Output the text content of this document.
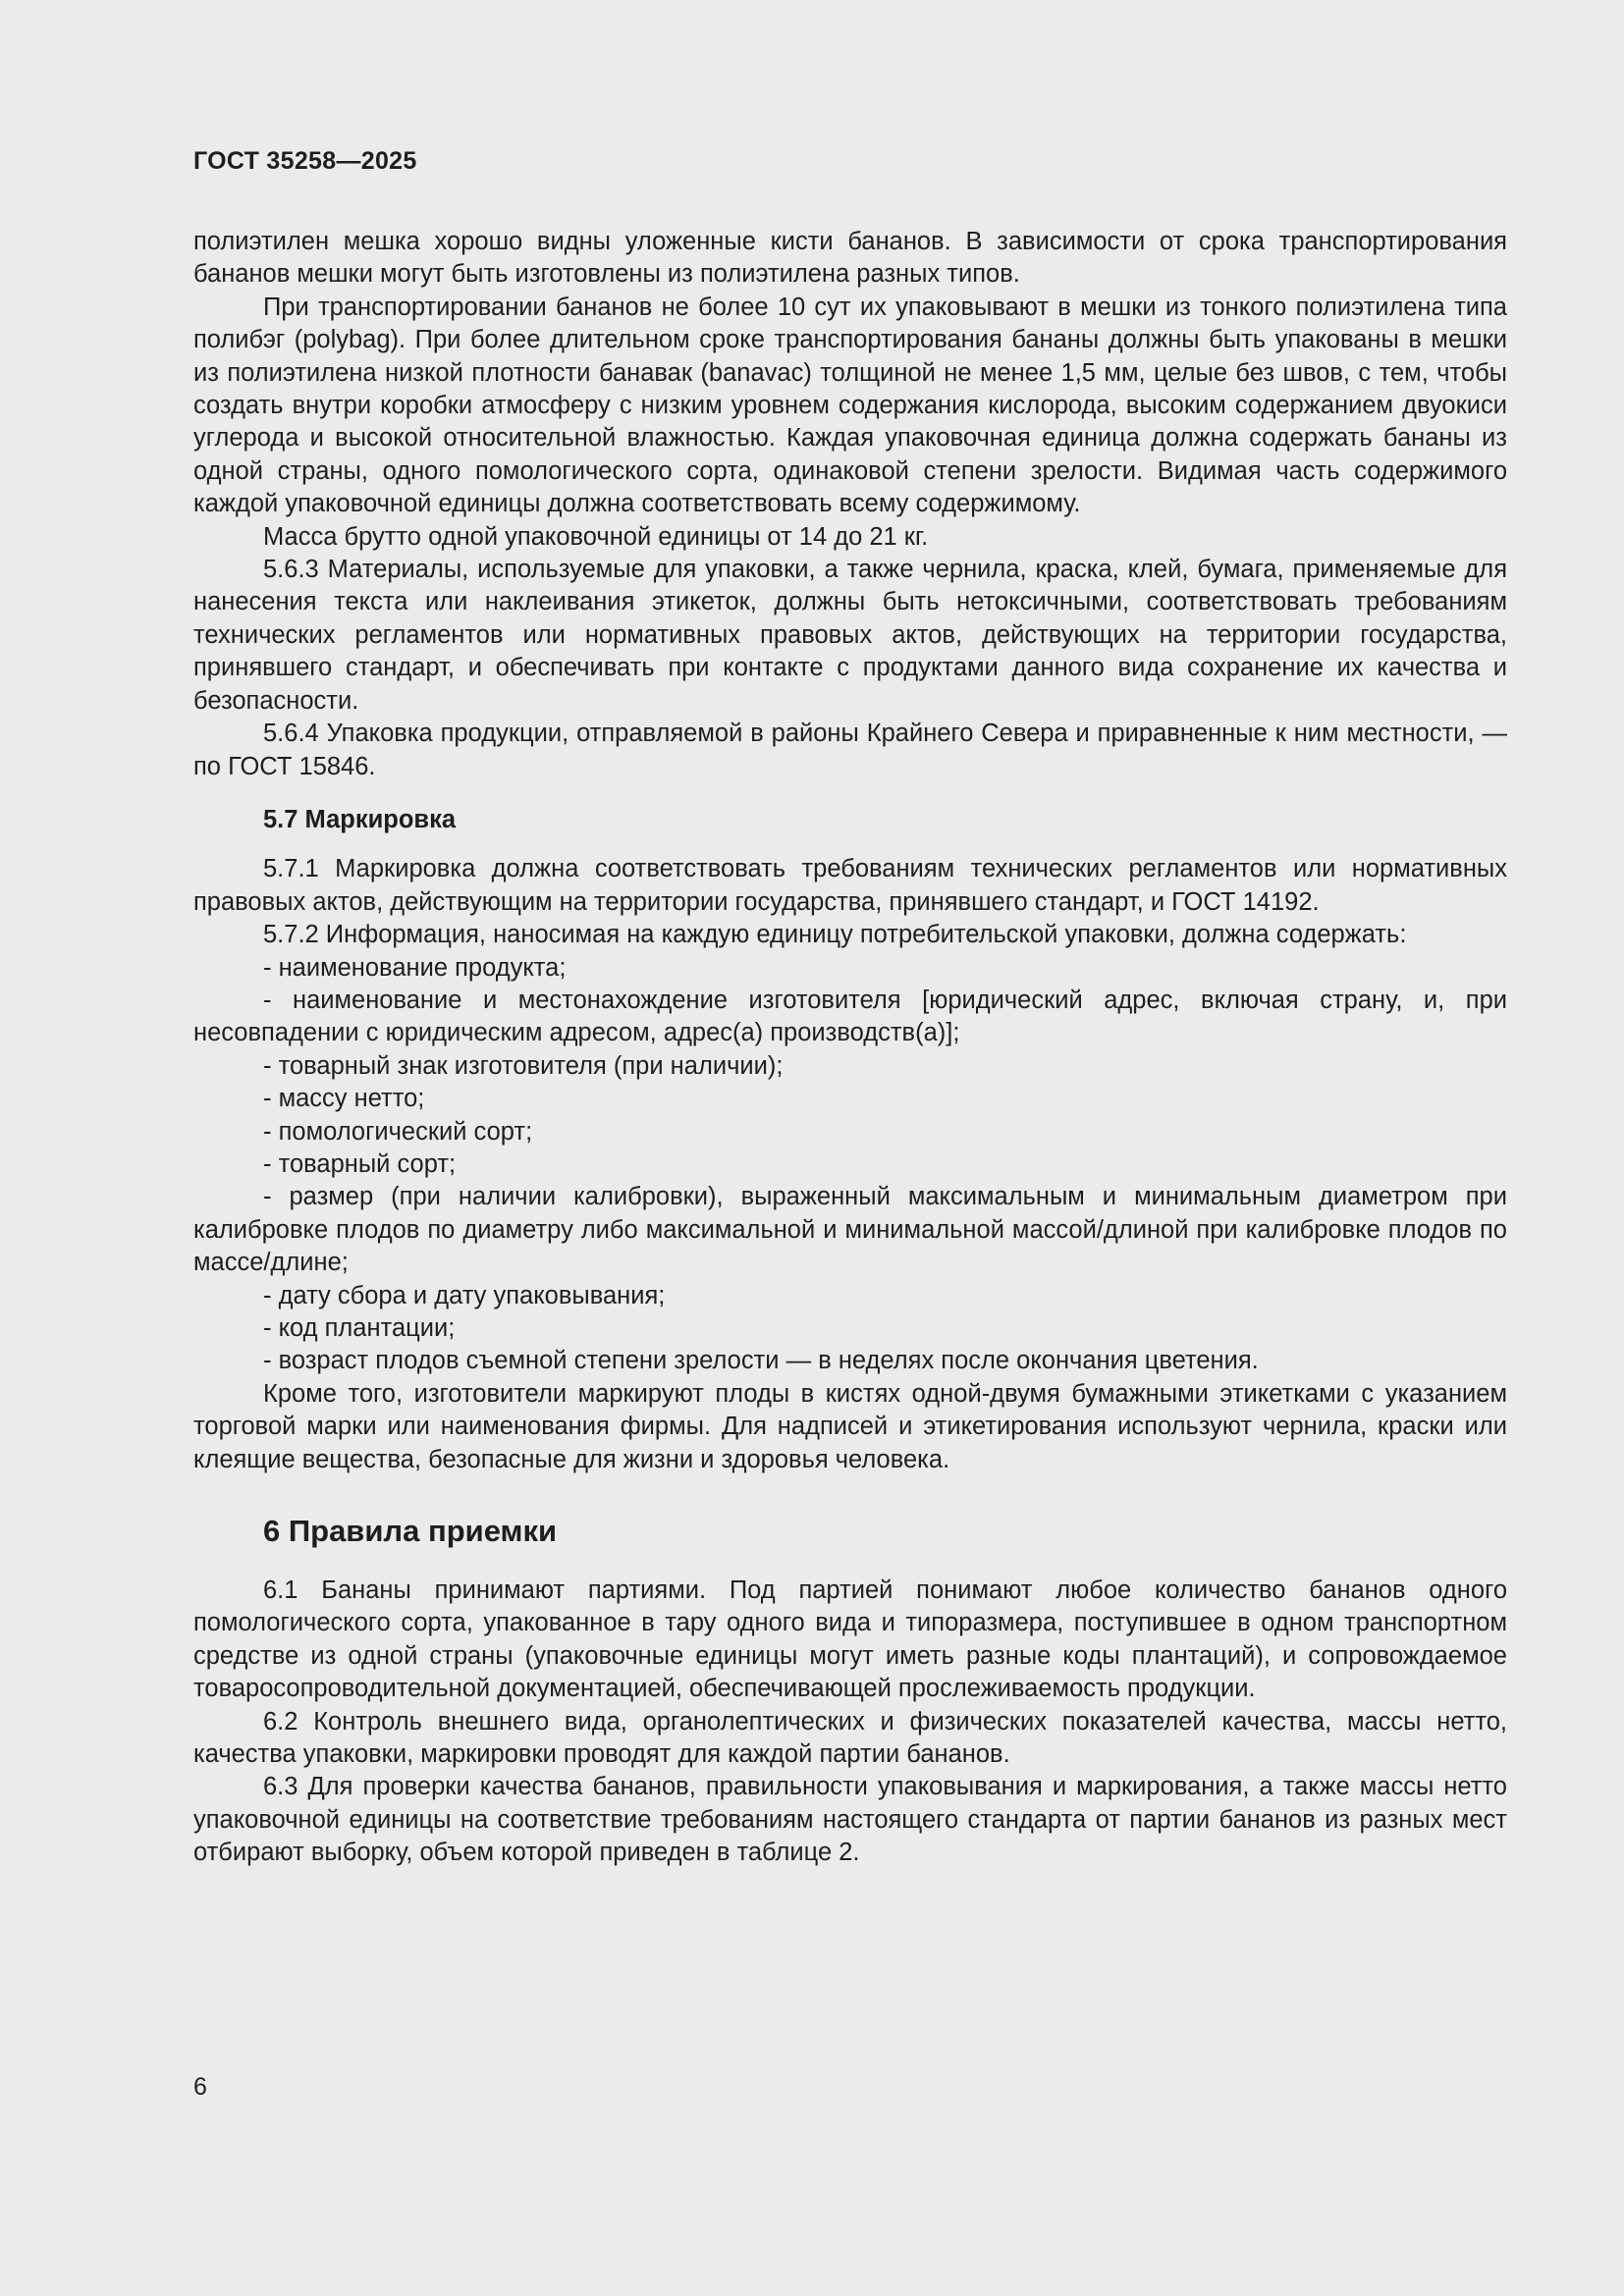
ГОСТ 35258—2025

полиэтилен мешка хорошо видны уложенные кисти бананов. В зависимости от срока транспортирования бананов мешки могут быть изготовлены из полиэтилена разных типов.

При транспортировании бананов не более 10 сут их упаковывают в мешки из тонкого полиэтилена типа полибэг (polybag). При более длительном сроке транспортирования бананы должны быть упакованы в мешки из полиэтилена низкой плотности банавак (banavac) толщиной не менее 1,5 мм, целые без швов, с тем, чтобы создать внутри коробки атмосферу с низким уровнем содержания кислорода, высоким содержанием двуокиси углерода и высокой относительной влажностью. Каждая упаковочная единица должна содержать бананы из одной страны, одного помологического сорта, одинаковой степени зрелости. Видимая часть содержимого каждой упаковочной единицы должна соответствовать всему содержимому.

Масса брутто одной упаковочной единицы от 14 до 21 кг.

5.6.3 Материалы, используемые для упаковки, а также чернила, краска, клей, бумага, применяемые для нанесения текста или наклеивания этикеток, должны быть нетоксичными, соответствовать требованиям технических регламентов или нормативных правовых актов, действующих на территории государства, принявшего стандарт, и обеспечивать при контакте с продуктами данного вида сохранение их качества и безопасности.

5.6.4 Упаковка продукции, отправляемой в районы Крайнего Севера и приравненные к ним местности, — по ГОСТ 15846.

5.7 Маркировка

5.7.1 Маркировка должна соответствовать требованиям технических регламентов или нормативных правовых актов, действующим на территории государства, принявшего стандарт, и ГОСТ 14192.

5.7.2 Информация, наносимая на каждую единицу потребительской упаковки, должна содержать:

- наименование продукта;

- наименование и местонахождение изготовителя [юридический адрес, включая страну, и, при несовпадении с юридическим адресом, адрес(а) производств(а)];

- товарный знак изготовителя (при наличии);

- массу нетто;

- помологический сорт;

- товарный сорт;

- размер (при наличии калибровки), выраженный максимальным и минимальным диаметром при калибровке плодов по диаметру либо максимальной и минимальной массой/длиной при калибровке плодов по массе/длине;

- дату сбора и дату упаковывания;

- код плантации;

- возраст плодов съемной степени зрелости — в неделях после окончания цветения.

Кроме того, изготовители маркируют плоды в кистях одной-двумя бумажными этикетками с указанием торговой марки или наименования фирмы. Для надписей и этикетирования используют чернила, краски или клеящие вещества, безопасные для жизни и здоровья человека.

6 Правила приемки

6.1 Бананы принимают партиями. Под партией понимают любое количество бананов одного помологического сорта, упакованное в тару одного вида и типоразмера, поступившее в одном транспортном средстве из одной страны (упаковочные единицы могут иметь разные коды плантаций), и сопровождаемое товаросопроводительной документацией, обеспечивающей прослеживаемость продукции.

6.2 Контроль внешнего вида, органолептических и физических показателей качества, массы нетто, качества упаковки, маркировки проводят для каждой партии бананов.

6.3 Для проверки качества бананов, правильности упаковывания и маркирования, а также массы нетто упаковочной единицы на соответствие требованиям настоящего стандарта от партии бананов из разных мест отбирают выборку, объем которой приведен в таблице 2.

6
